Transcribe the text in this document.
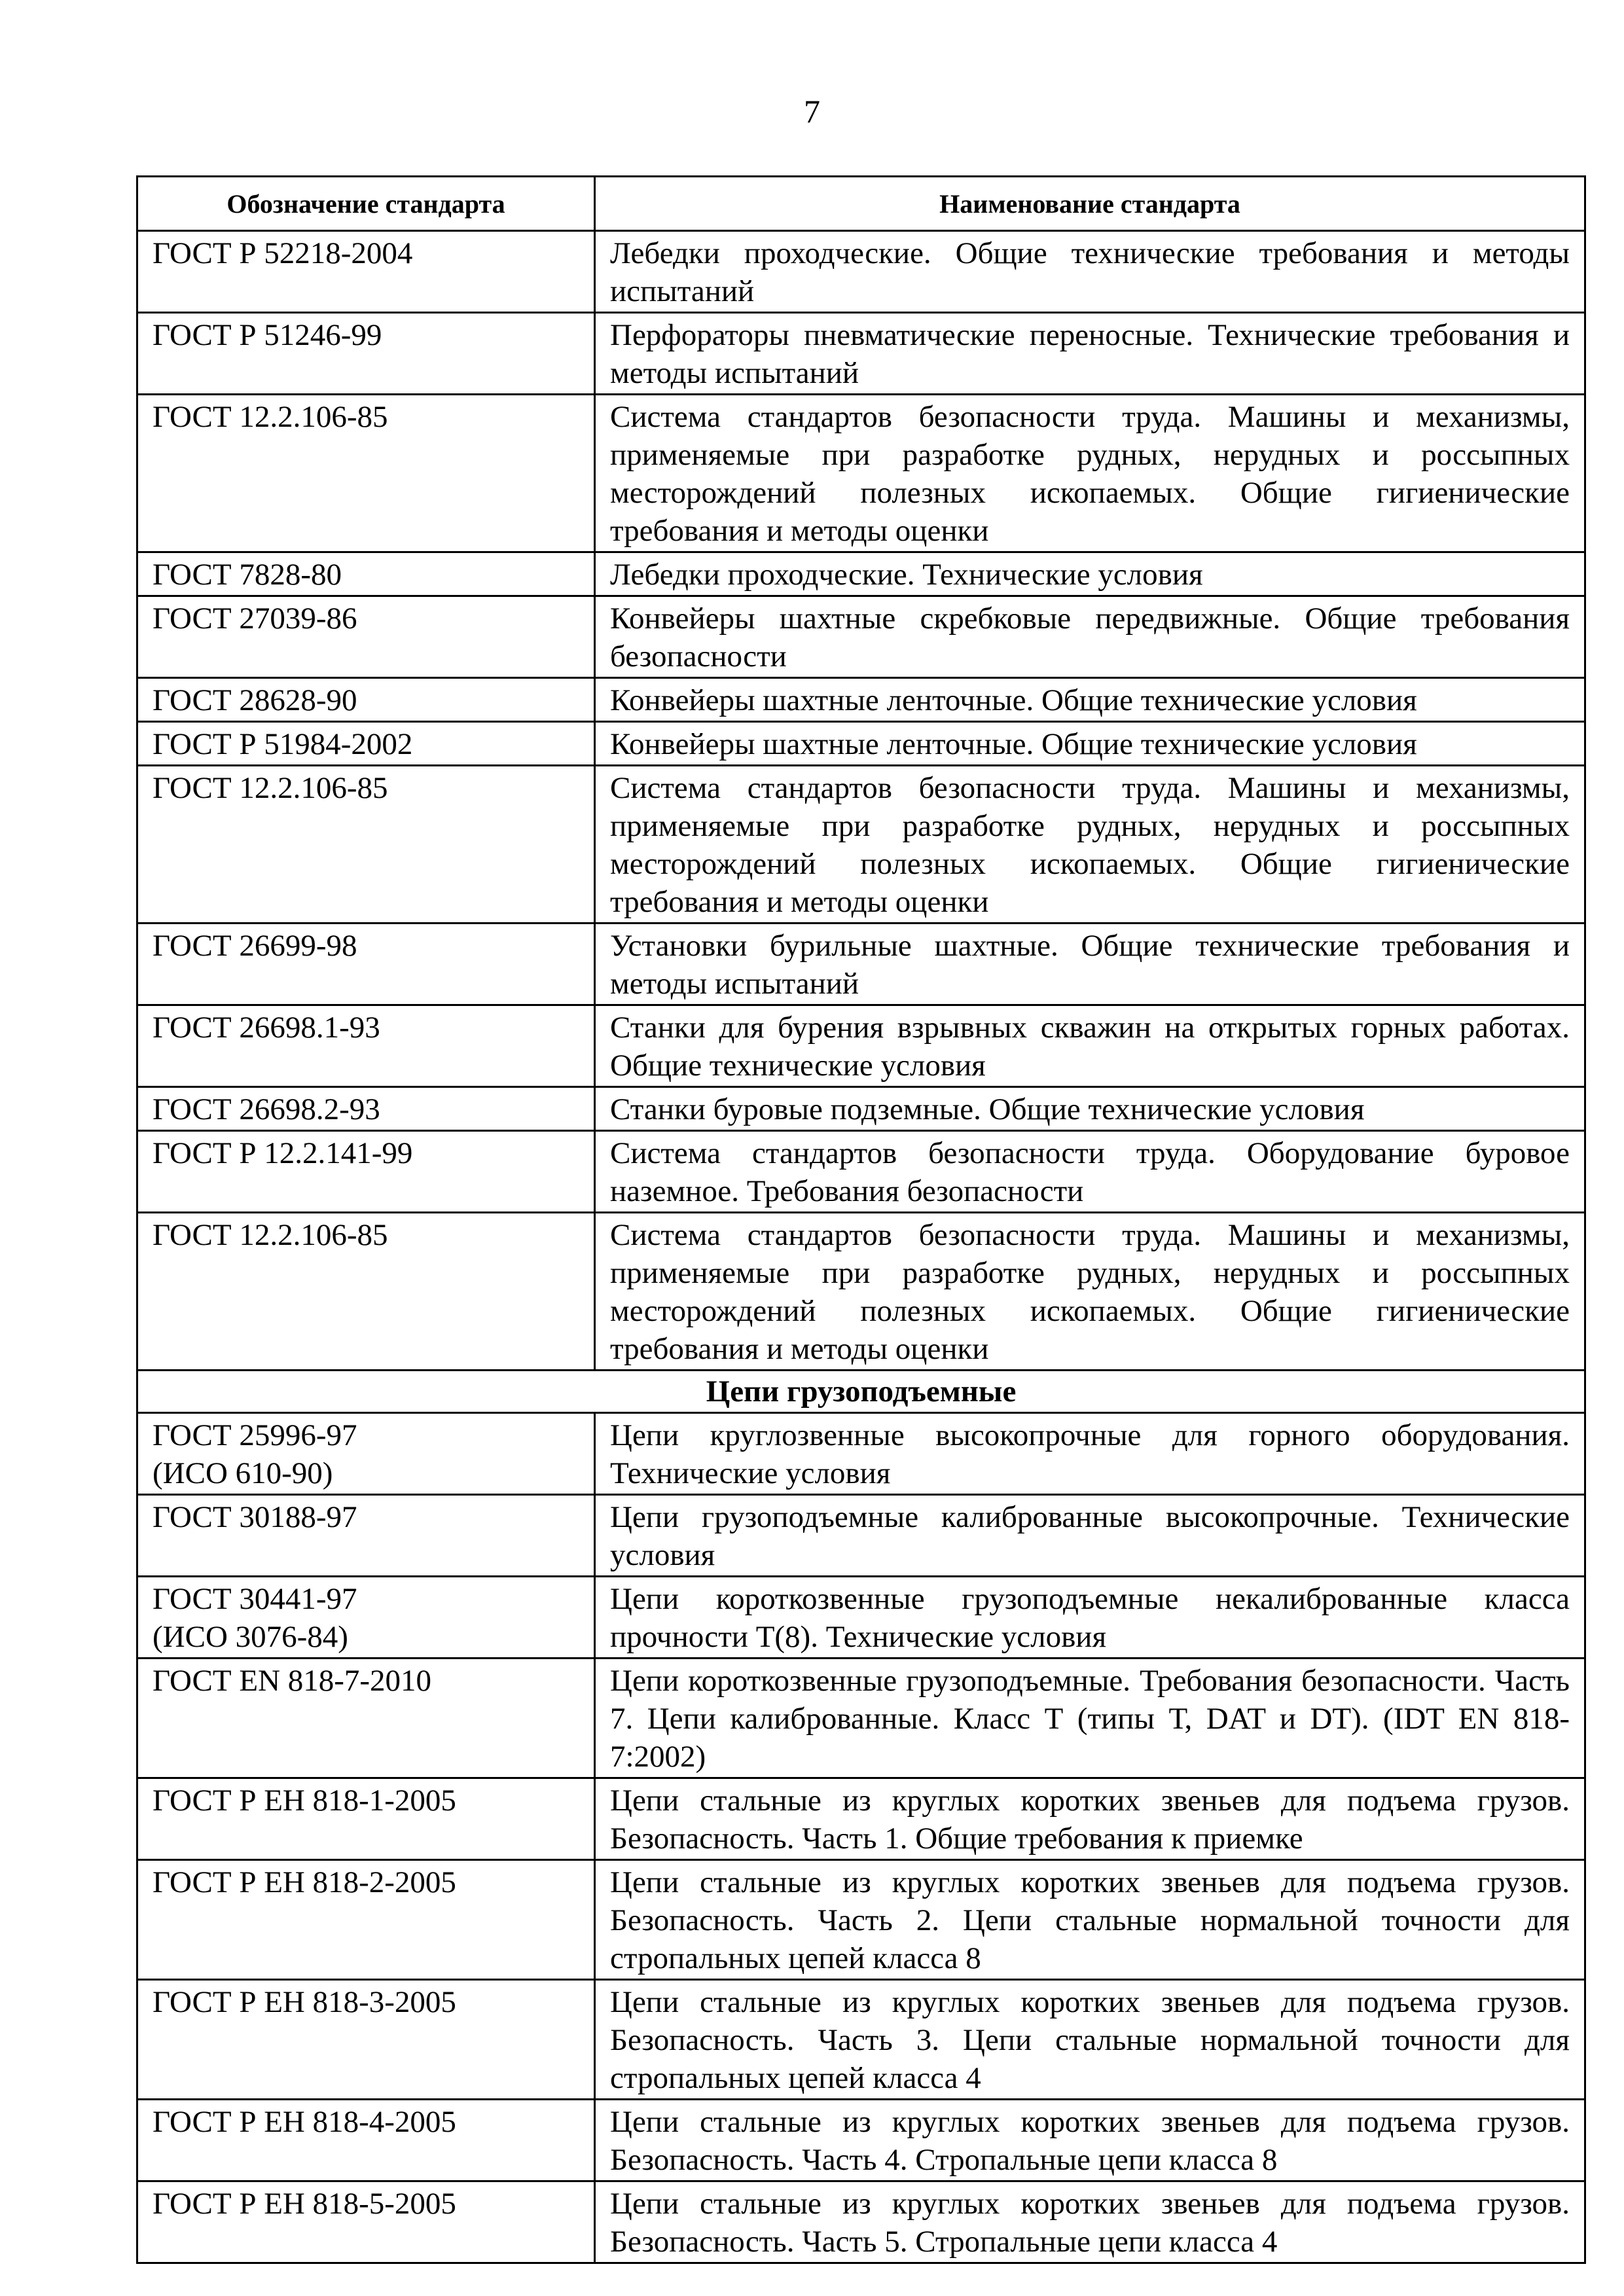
7
Обозначение стандарта	Наименование стандарта
ГОСТ Р 52218-2004	Лебедки проходческие. Общие технические требования и методы испытаний
ГОСТ Р 51246-99	Перфораторы пневматические переносные. Технические требования и методы испытаний
ГОСТ 12.2.106-85	Система стандартов безопасности труда. Машины и механизмы, применяемые при разработке рудных, нерудных и россыпных месторождений полезных ископаемых. Общие гигиенические требования и методы оценки
ГОСТ 7828-80	Лебедки проходческие. Технические условия
ГОСТ 27039-86	Конвейеры шахтные скребковые передвижные. Общие требования безопасности
ГОСТ 28628-90	Конвейеры шахтные ленточные. Общие технические условия
ГОСТ Р 51984-2002	Конвейеры шахтные ленточные. Общие технические условия
ГОСТ 12.2.106-85	Система стандартов безопасности труда. Машины и механизмы, применяемые при разработке рудных, нерудных и россыпных месторождений полезных ископаемых. Общие гигиенические требования и методы оценки
ГОСТ 26699-98	Установки бурильные шахтные. Общие технические требования и методы испытаний
ГОСТ 26698.1-93	Станки для бурения взрывных скважин на открытых горных работах. Общие технические условия
ГОСТ 26698.2-93	Станки буровые подземные. Общие технические условия
ГОСТ Р 12.2.141-99	Система стандартов безопасности труда. Оборудование буровое наземное. Требования безопасности
ГОСТ 12.2.106-85	Система стандартов безопасности труда. Машины и механизмы, применяемые при разработке рудных, нерудных и россыпных месторождений полезных ископаемых. Общие гигиенические требования и методы оценки
Цепи грузоподъемные	
ГОСТ 25996-97
(ИСО 610-90)	Цепи круглозвенные высокопрочные для горного оборудования. Технические условия
ГОСТ 30188-97	Цепи грузоподъемные калиброванные высокопрочные. Технические условия
ГОСТ 30441-97
(ИСО 3076-84)	Цепи короткозвенные грузоподъемные некалиброванные класса прочности Т(8). Технические условия
ГОСТ EN 818-7-2010	Цепи короткозвенные грузоподъемные. Требования безопасности. Часть 7. Цепи калиброванные. Класс Т (типы Т, DAT и DT). (IDT EN 818-7:2002)
ГОСТ Р ЕН 818-1-2005	Цепи стальные из круглых коротких звеньев для подъема грузов. Безопасность. Часть 1. Общие требования к приемке
ГОСТ Р ЕН 818-2-2005	Цепи стальные из круглых коротких звеньев для подъема грузов. Безопасность. Часть 2. Цепи стальные нормальной точности для стропальных цепей класса 8
ГОСТ Р ЕН 818-3-2005	Цепи стальные из круглых коротких звеньев для подъема грузов. Безопасность. Часть 3. Цепи стальные нормальной точности для стропальных цепей класса 4
ГОСТ Р ЕН 818-4-2005	Цепи стальные из круглых коротких звеньев для подъема грузов. Безопасность. Часть 4. Стропальные цепи класса 8
ГОСТ Р ЕН 818-5-2005	Цепи стальные из круглых коротких звеньев для подъема грузов. Безопасность. Часть 5. Стропальные цепи класса 4
